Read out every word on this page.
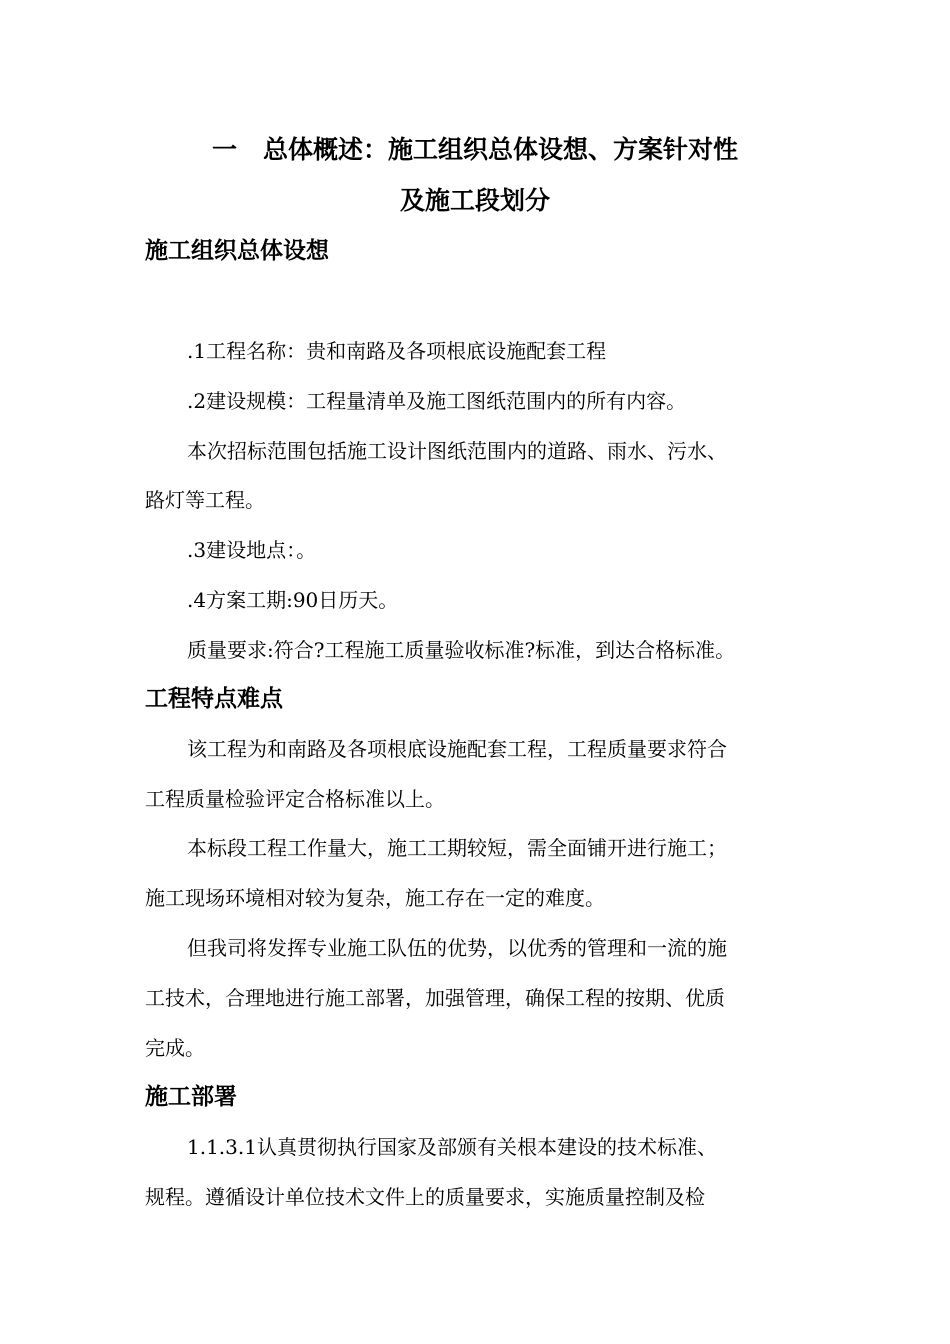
一 总体概述：施工组织总体设想、方案针对性
及施工段划分
施工组织总体设想
.1工程名称：贵和南路及各项根底设施配套工程
.2建设规模：工程量清单及施工图纸范围内的所有内容。
本次招标范围包括施工设计图纸范围内的道路、雨水、污水、
路灯等工程。
.3建设地点：。
.4方案工期:90日历天。
质量要求:符合?工程施工质量验收标准?标准，到达合格标准。
工程特点难点
该工程为和南路及各项根底设施配套工程，工程质量要求符合
工程质量检验评定合格标准以上。
本标段工程工作量大，施工工期较短，需全面铺开进行施工；
施工现场环境相对较为复杂，施工存在一定的难度。
但我司将发挥专业施工队伍的优势，以优秀的管理和一流的施
工技术，合理地进行施工部署，加强管理，确保工程的按期、优质
完成。
施工部署
1.1.3.1认真贯彻执行国家及部颁有关根本建设的技术标准、
规程。遵循设计单位技术文件上的质量要求，实施质量控制及检
